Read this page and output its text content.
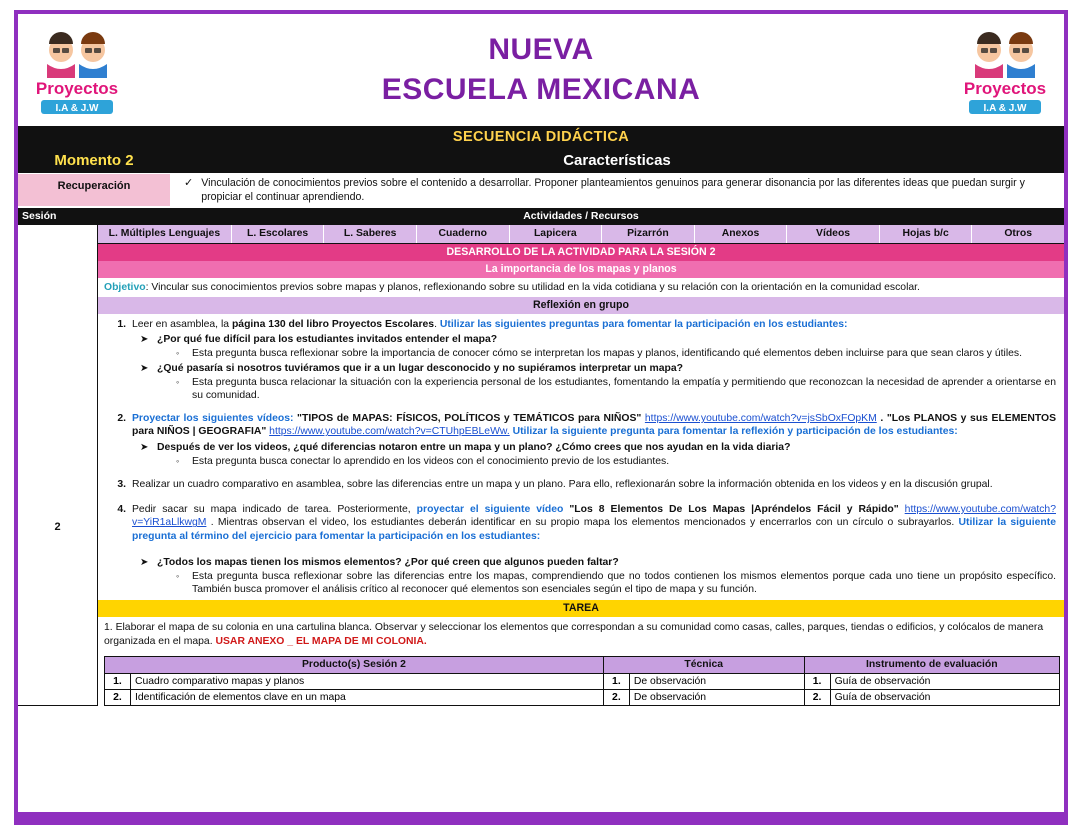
Proyectos
I.A & J.W
NUEVA
ESCUELA MEXICANA	Proyectos
I.A & J.W
SECUENCIA DIDÁCTICA
Momento 2
Recuperación
Características
✓ Vinculación de conocimientos previos sobre el contenido a desarrollar. Proponer planteamientos genuinos para generar disonancia por las diferentes ideas que puedan surgir y propiciar el continuar aprendiendo.
Sesión	Actividades / Recursos
2
L. Múltiples Lenguajes	L. Escolares	L. Saberes	Cuaderno	Lapicera	Pizarrón	Anexos	Vídeos	Hojas b/c	Otros
DESARROLLO DE LA ACTIVIDAD PARA LA SESIÓN 2
La importancia de los mapas y planos
Objetivo: Vincular sus conocimientos previos sobre mapas y planos, reflexionando sobre su utilidad en la vida cotidiana y su relación con la orientación en la comunidad escolar.
Reflexión en grupo
1. Leer en asamblea, la página 130 del libro Proyectos Escolares. Utilizar las siguientes preguntas para fomentar la participación en los estudiantes:
➤ ¿Por qué fue difícil para los estudiantes invitados entender el mapa?
◦	Esta pregunta busca reflexionar sobre la importancia de conocer cómo se interpretan los mapas y planos, identificando qué elementos deben incluirse para que sean claros y útiles.
➤ ¿Qué pasaría si nosotros tuviéramos que ir a un lugar desconocido y no supiéramos interpretar un mapa?
◦	Esta pregunta busca relacionar la situación con la experiencia personal de los estudiantes, fomentando la empatía y permitiendo que reconozcan la necesidad de aprender a orientarse en su comunidad.
2. Proyectar los siguientes vídeos: "TIPOS de MAPAS: FÍSICOS, POLÍTICOS y TEMÁTICOS para NIÑOS" https://www.youtube.com/watch?v=jsSbOxFOpKM . "Los PLANOS y sus ELEMENTOS para NIÑOS | GEOGRAFIA" https://www.youtube.com/watch?v=CTUhpEBLeWw. Utilizar la siguiente pregunta para fomentar la reflexión y participación de los estudiantes:
➤ Después de ver los videos, ¿qué diferencias notaron entre un mapa y un plano? ¿Cómo crees que nos ayudan en la vida diaria?
◦	Esta pregunta busca conectar lo aprendido en los videos con el conocimiento previo de los estudiantes.
3. Realizar un cuadro comparativo en asamblea, sobre las diferencias entre un mapa y un plano. Para ello, reflexionarán sobre la información obtenida en los videos y en la discusión grupal.
4. Pedir sacar su mapa indicado de tarea. Posteriormente, proyectar el siguiente vídeo "Los 8 Elementos De Los Mapas |Apréndelos Fácil y Rápido" https://www.youtube.com/watch?v=YiR1aLlkwgM . Mientras observan el video, los estudiantes deberán identificar en su propio mapa los elementos mencionados y encerrarlos con un círculo o subrayarlos. Utilizar la siguiente pregunta al término del ejercicio para fomentar la participación en los estudiantes:
➤ ¿Todos los mapas tienen los mismos elementos? ¿Por qué creen que algunos pueden faltar?
◦	Esta pregunta busca reflexionar sobre las diferencias entre los mapas, comprendiendo que no todos contienen los mismos elementos porque cada uno tiene un propósito específico. También busca promover el análisis crítico al reconocer qué elementos son esenciales según el tipo de mapa y su función.
TAREA
1. Elaborar el mapa de su colonia en una cartulina blanca. Observar y seleccionar los elementos que correspondan a su comunidad como casas, calles, parques, tiendas o edificios, y colócalos de manera organizada en el mapa. USAR ANEXO _ EL MAPA DE MI COLONIA.
Producto(s) Sesión 2		Técnica		Instrumento de evaluación	
1.	Cuadro comparativo mapas y planos	1.	De observación	1.	Guía de observación
2.	Identificación de elementos clave en un mapa	2.	De observación	2.	Guía de observación
